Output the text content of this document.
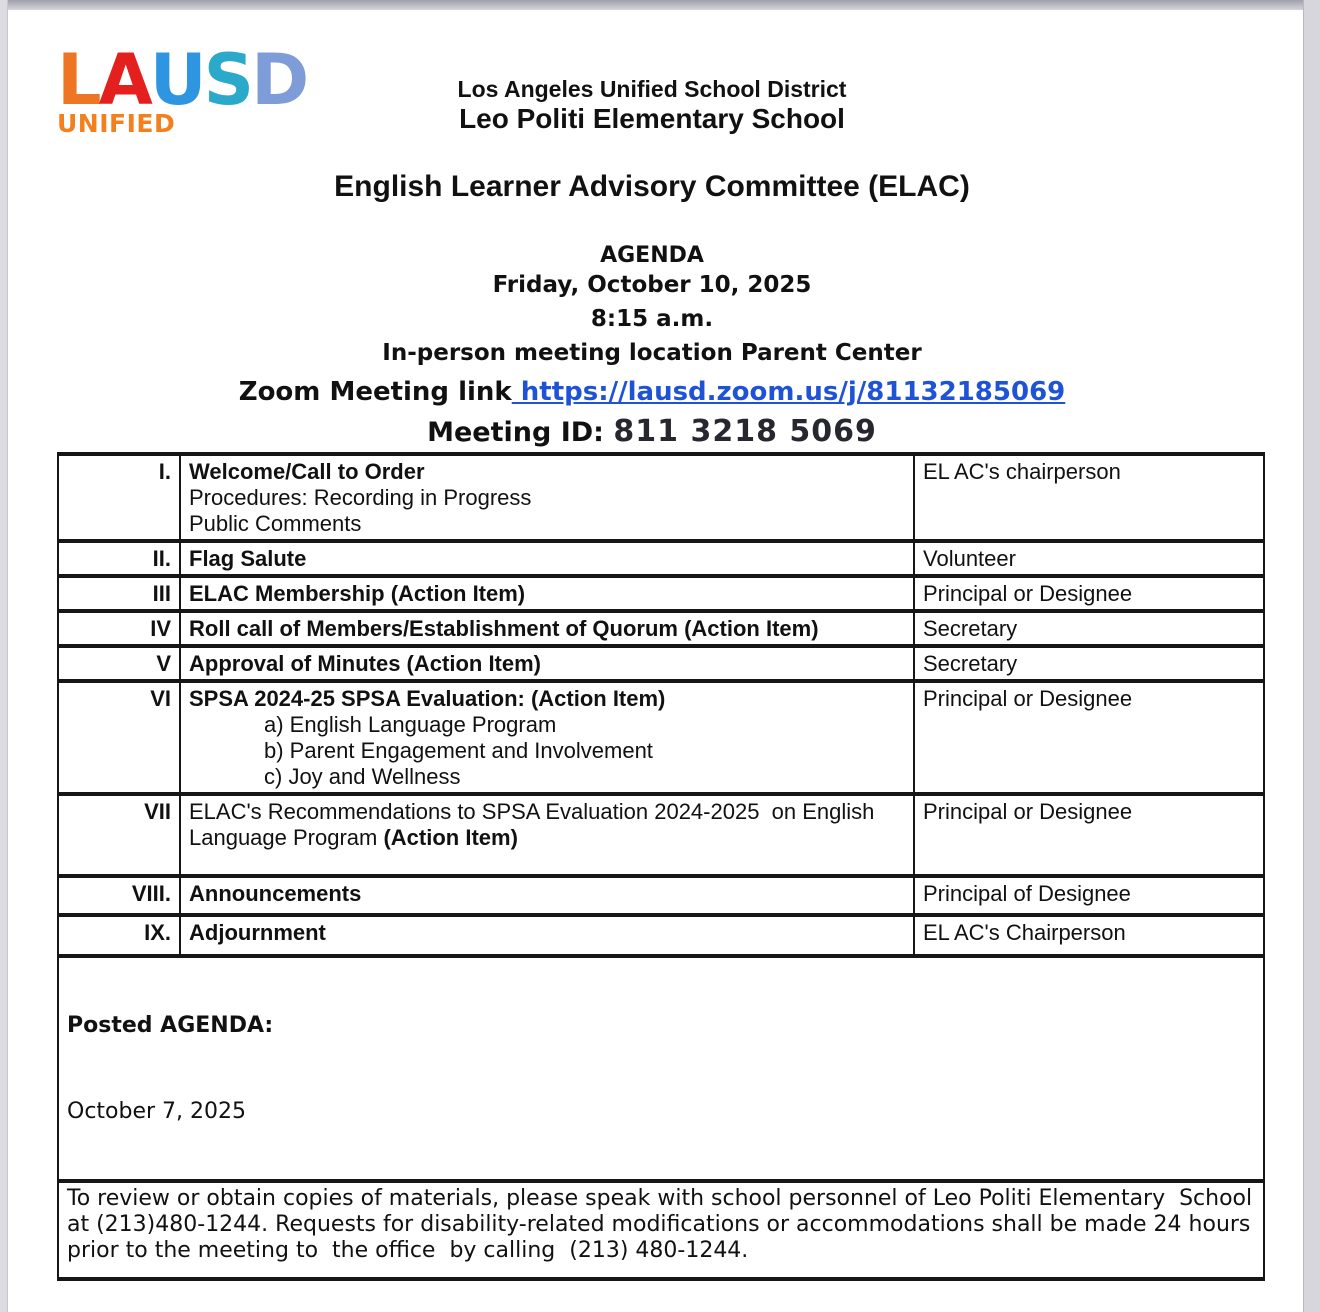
LAUSD
UNIFIED
Los Angeles Unified School District
Leo Politi Elementary School
English Learner Advisory Committee (ELAC)
AGENDA
Friday, October 10, 2025
8:15 a.m.
In-person meeting location Parent Center
Zoom Meeting link https://lausd.zoom.us/j/81132185069
Meeting ID: 811 3218 5069
I.	Welcome/Call to Order
Procedures: Recording in Progress
Public Comments	EL AC's chairperson
II.	Flag Salute	Volunteer
III	ELAC Membership (Action Item)	Principal or Designee
IV	Roll call of Members/Establishment of Quorum (Action Item)	Secretary
V	Approval of Minutes (Action Item)	Secretary
VI	SPSA 2024-25 SPSA Evaluation: (Action Item)
a) English Language Program
b) Parent Engagement and Involvement
c) Joy and Wellness	Principal or Designee
VII	ELAC's Recommendations to SPSA Evaluation 2024-2025  on English Language Program (Action Item)	Principal or Designee
VIII.	Announcements	Principal of Designee
IX.	Adjournment	EL AC's Chairperson

Posted AGENDA:

October 7, 2025		

To review or obtain copies of materials, please speak with school personnel of Leo Politi Elementary  School at (213)480-1244. Requests for disability-related modifications or accommodations shall be made 24 hours prior to the meeting to  the office  by calling  (213) 480-1244.		
